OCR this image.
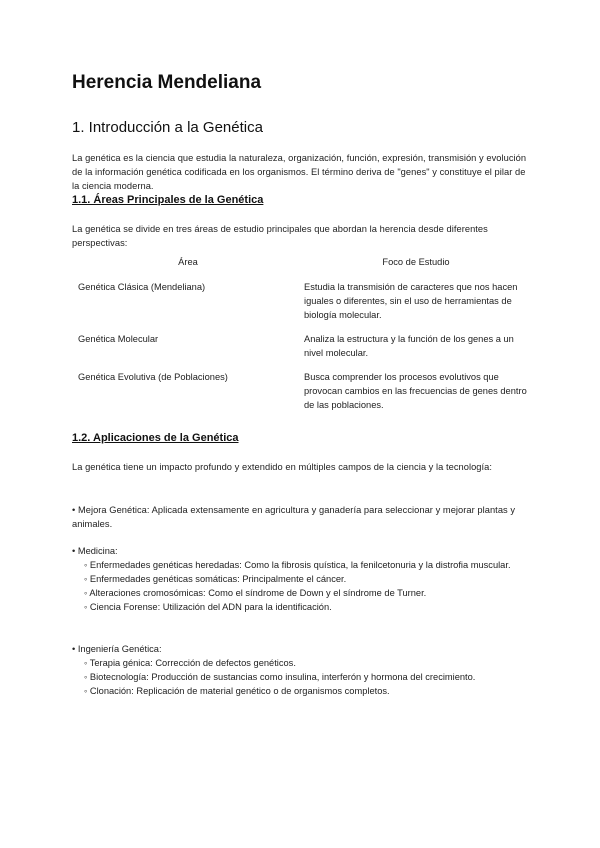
Herencia Mendeliana
1. Introducción a la Genética

La genética es la ciencia que estudia la naturaleza, organización, función, expresión, transmisión y evolución de la información genética codificada en los organismos. El término deriva de "genes" y constituye el pilar de la ciencia moderna.

1.1. Áreas Principales de la Genética

La genética se divide en tres áreas de estudio principales que abordan la herencia desde diferentes perspectivas:

Área	Foco de Estudio
Genética Clásica (Mendeliana)	Estudia la transmisión de caracteres que nos hacen iguales o diferentes, sin el uso de herramientas de biología molecular.
Genética Molecular	Analiza la estructura y la función de los genes a un nivel molecular.
Genética Evolutiva (de Poblaciones)	Busca comprender los procesos evolutivos que provocan cambios en las frecuencias de genes dentro de las poblaciones.
1.2. Aplicaciones de la Genética

La genética tiene un impacto profundo y extendido en múltiples campos de la ciencia y la tecnología:

• Mejora Genética: Aplicada extensamente en agricultura y ganadería para seleccionar y mejorar plantas y animales.

• Medicina:
◦ Enfermedades genéticas heredadas: Como la fibrosis quística, la fenilcetonuria y la distrofia muscular.
◦ Enfermedades genéticas somáticas: Principalmente el cáncer.
◦ Alteraciones cromosómicas: Como el síndrome de Down y el síndrome de Turner.
◦ Ciencia Forense: Utilización del ADN para la identificación.
• Ingeniería Genética:
◦ Terapia génica: Corrección de defectos genéticos.
◦ Biotecnología: Producción de sustancias como insulina, interferón y hormona del crecimiento.
◦ Clonación: Replicación de material genético o de organismos completos.
